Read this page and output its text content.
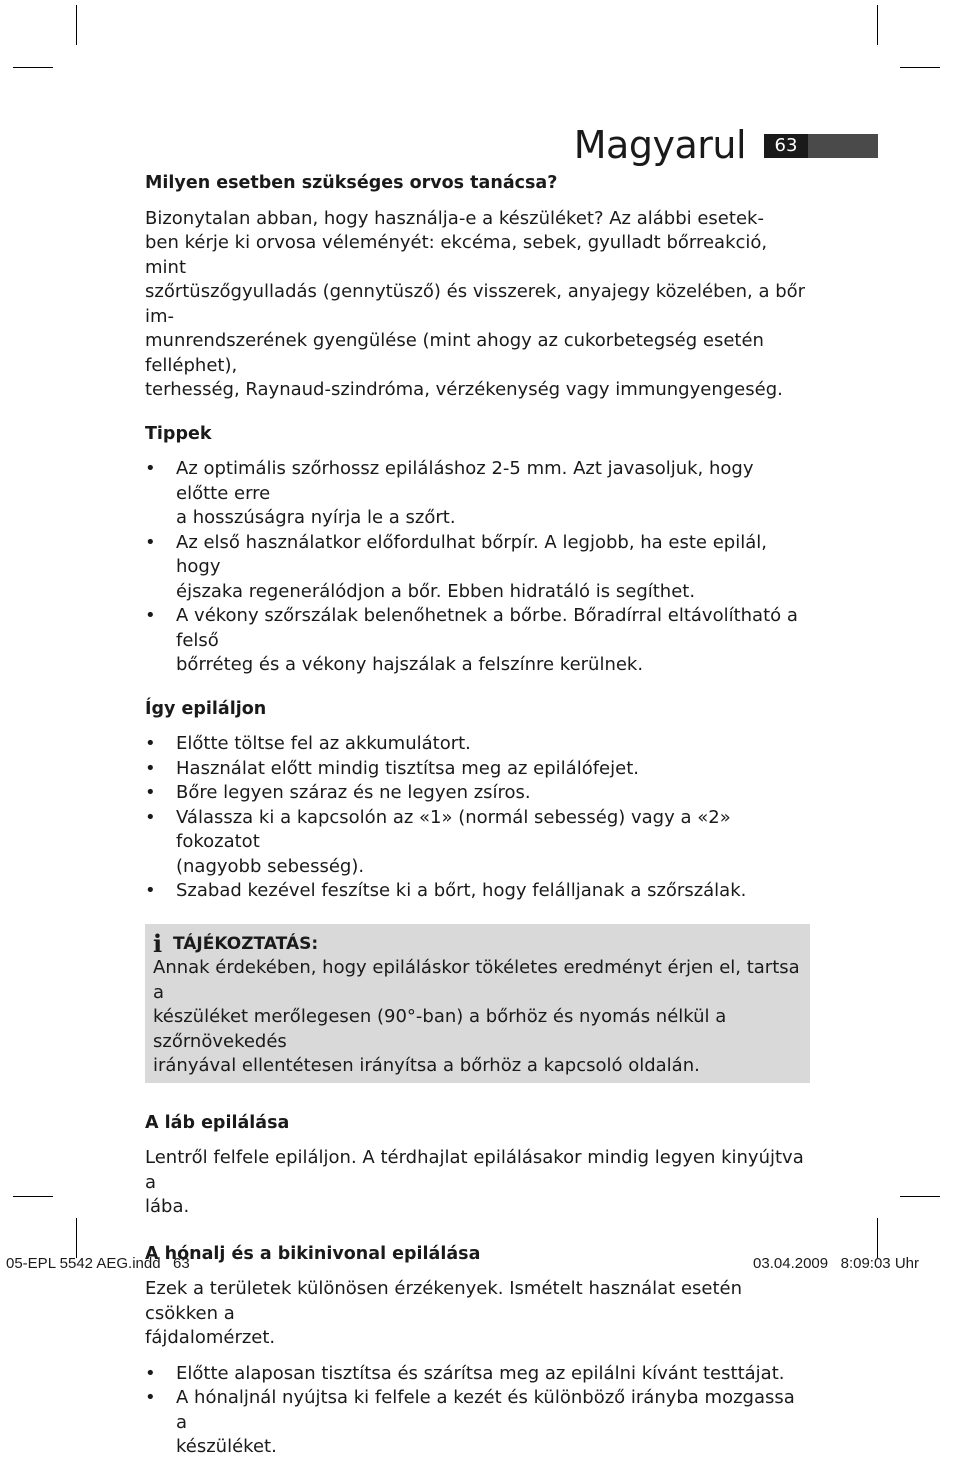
Magyarul	63

Milyen esetben szükséges orvos tanácsa?

Bizonytalan abban, hogy használja-e a készüléket? Az alábbi esetek-
ben kérje ki orvosa véleményét: ekcéma, sebek, gyulladt bőrreakció, mint
szőrtüszőgyulladás (gennytüsző) és visszerek, anyajegy közelében, a bőr im-
munrendszerének gyengülése (mint ahogy az cukorbetegség esetén felléphet),
terhesség, Raynaud-szindróma, vérzékenység vagy immungyengeség.

Tippek

• Az optimális szőrhossz epiláláshoz 2-5 mm. Azt javasoljuk, hogy előtte erre
a hosszúságra nyírja le a szőrt.
• Az első használatkor előfordulhat bőrpír. A legjobb, ha este epilál, hogy
éjszaka regenerálódjon a bőr. Ebben hidratáló is segíthet.
• A vékony szőrszálak belenőhetnek a bőrbe. Bőradírral eltávolítható a felső
bőrréteg és a vékony hajszálak a felszínre kerülnek.

Így epiláljon

• Előtte töltse fel az akkumulátort.
• Használat előtt mindig tisztítsa meg az epilálófejet.
• Bőre legyen száraz és ne legyen zsíros.
• Válassza ki a kapcsolón az «1» (normál sebesség) vagy a «2» fokozatot
(nagyobb sebesség).
• Szabad kezével feszítse ki a bőrt, hogy felálljanak a szőrszálak.
i TÁJÉKOZTATÁS:
Annak érdekében, hogy epiláláskor tökéletes eredményt érjen el, tartsa a
készüléket merőlegesen (90°-ban) a bőrhöz és nyomás nélkül a szőrnövekedés
irányával ellentétesen irányítsa a bőrhöz a kapcsoló oldalán.

A láb epilálása

Lentről felfele epiláljon. A térdhajlat epilálásakor mindig legyen kinyújtva a
lába.

A hónalj és a bikinivonal epilálása

Ezek a területek különösen érzékenyek. Ismételt használat esetén csökken a
fájdalomérzet.
• Előtte alaposan tisztítsa és szárítsa meg az epilálni kívánt testtájat.
• A hónaljnál nyújtsa ki felfele a kezét és különböző irányba mozgassa a
készüléket.
05-EPL 5542 AEG.indd   63	03.04.2009   8:09:03 Uhr
